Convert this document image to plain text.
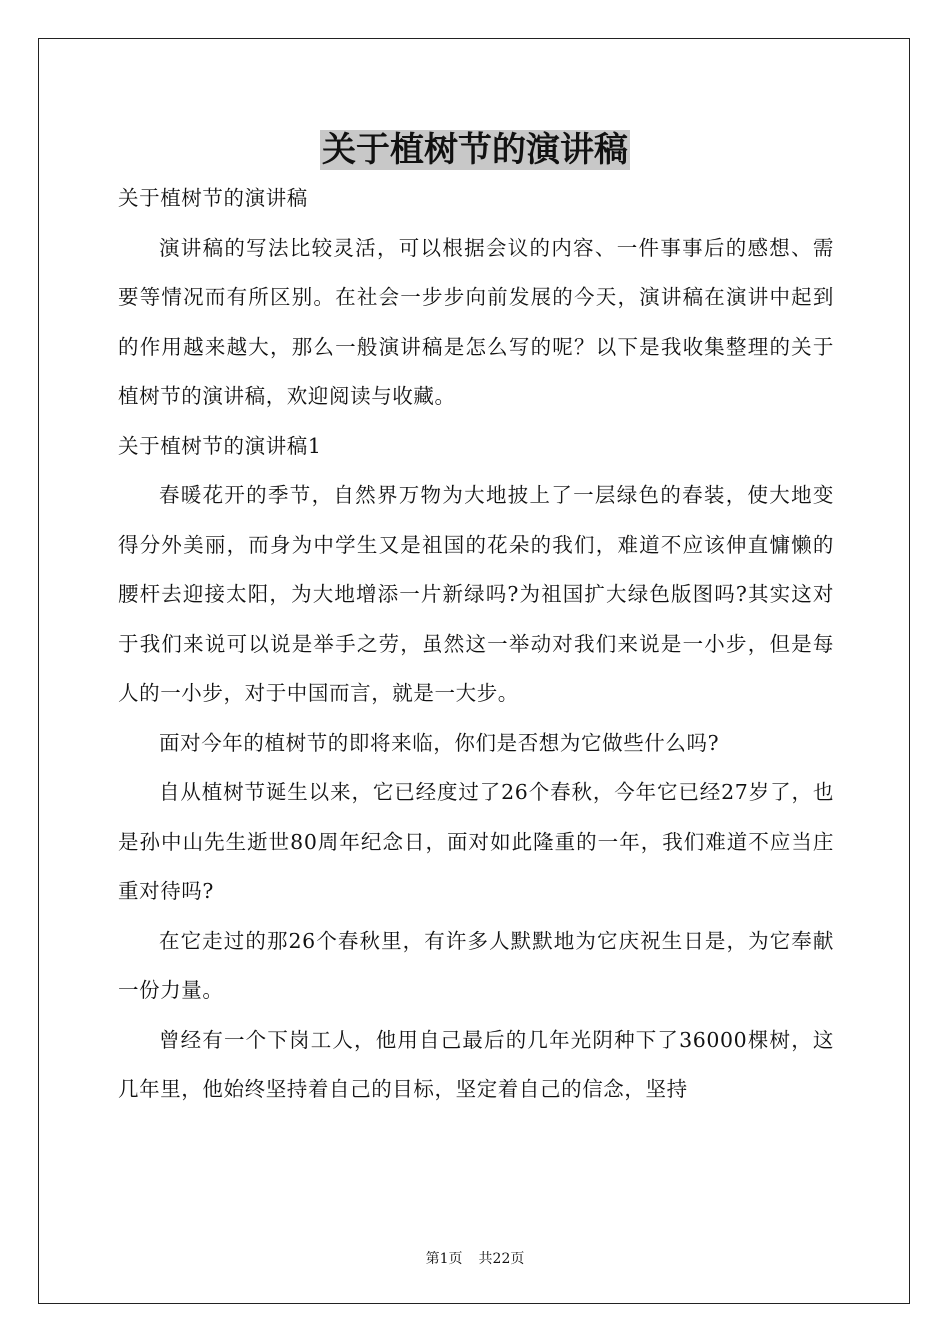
关于植树节的演讲稿

关于植树节的演讲稿

演讲稿的写法比较灵活，可以根据会议的内容、一件事事后的感想、需要等情况而有所区别。在社会一步步向前发展的今天，演讲稿在演讲中起到的作用越来越大，那么一般演讲稿是怎么写的呢？以下是我收集整理的关于植树节的演讲稿，欢迎阅读与收藏。

关于植树节的演讲稿1

春暖花开的季节，自然界万物为大地披上了一层绿色的春装，使大地变得分外美丽，而身为中学生又是祖国的花朵的我们，难道不应该伸直慵懒的腰杆去迎接太阳，为大地增添一片新绿吗?为祖国扩大绿色版图吗?其实这对于我们来说可以说是举手之劳，虽然这一举动对我们来说是一小步，但是每人的一小步，对于中国而言，就是一大步。

面对今年的植树节的即将来临，你们是否想为它做些什么吗?

自从植树节诞生以来，它已经度过了26个春秋，今年它已经27岁了，也是孙中山先生逝世80周年纪念日，面对如此隆重的一年，我们难道不应当庄重对待吗?

在它走过的那26个春秋里，有许多人默默地为它庆祝生日是，为它奉献一份力量。

曾经有一个下岗工人，他用自己最后的几年光阴种下了36000棵树，这几年里，他始终坚持着自己的目标，坚定着自己的信念，坚持

第1页 共22页
